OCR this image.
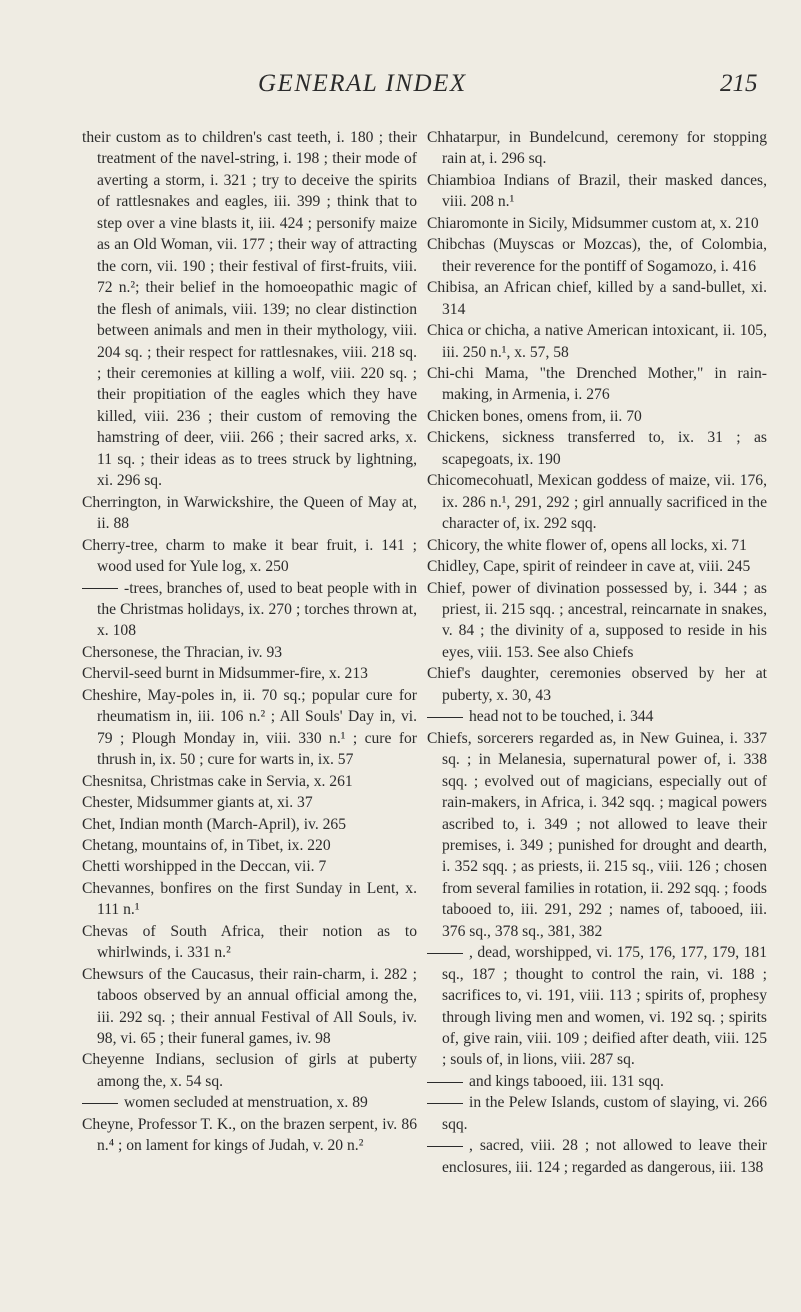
GENERAL INDEX	215

their custom as to children's cast teeth, i. 180 ; their treatment of the navel-string, i. 198 ; their mode of averting a storm, i. 321 ; try to deceive the spirits of rattlesnakes and eagles, iii. 399 ; think that to step over a vine blasts it, iii. 424 ; personify maize as an Old Woman, vii. 177 ; their way of attracting the corn, vii. 190 ; their festival of first-fruits, viii. 72 n.²; their belief in the homoeopathic magic of the flesh of animals, viii. 139; no clear distinction between animals and men in their mythology, viii. 204 sq. ; their respect for rattlesnakes, viii. 218 sq. ; their ceremonies at killing a wolf, viii. 220 sq. ; their propitiation of the eagles which they have killed, viii. 236 ; their custom of removing the hamstring of deer, viii. 266 ; their sacred arks, x. 11 sq. ; their ideas as to trees struck by lightning, xi. 296 sq.

Cherrington, in Warwickshire, the Queen of May at, ii. 88

Cherry-tree, charm to make it bear fruit, i. 141 ; wood used for Yule log, x. 250

-trees, branches of, used to beat people with in the Christmas holidays, ix. 270 ; torches thrown at, x. 108

Chersonese, the Thracian, iv. 93

Chervil-seed burnt in Midsummer-fire, x. 213

Cheshire, May-poles in, ii. 70 sq.; popular cure for rheumatism in, iii. 106 n.² ; All Souls' Day in, vi. 79 ; Plough Monday in, viii. 330 n.¹ ; cure for thrush in, ix. 50 ; cure for warts in, ix. 57

Chesnitsa, Christmas cake in Servia, x. 261

Chester, Midsummer giants at, xi. 37

Chet, Indian month (March-April), iv. 265

Chetang, mountains of, in Tibet, ix. 220

Chetti worshipped in the Deccan, vii. 7

Chevannes, bonfires on the first Sunday in Lent, x. 111 n.¹

Chevas of South Africa, their notion as to whirlwinds, i. 331 n.²

Chewsurs of the Caucasus, their rain-charm, i. 282 ; taboos observed by an annual official among the, iii. 292 sq. ; their annual Festival of All Souls, iv. 98, vi. 65 ; their funeral games, iv. 98

Cheyenne Indians, seclusion of girls at puberty among the, x. 54 sq.

women secluded at menstruation, x. 89

Cheyne, Professor T. K., on the brazen serpent, iv. 86 n.⁴ ; on lament for kings of Judah, v. 20 n.²

Chhatarpur, in Bundelcund, ceremony for stopping rain at, i. 296 sq.

Chiambioa Indians of Brazil, their masked dances, viii. 208 n.¹

Chiaromonte in Sicily, Midsummer custom at, x. 210

Chibchas (Muyscas or Mozcas), the, of Colombia, their reverence for the pontiff of Sogamozo, i. 416

Chibisa, an African chief, killed by a sand-bullet, xi. 314

Chica or chicha, a native American intoxicant, ii. 105, iii. 250 n.¹, x. 57, 58

Chi-chi Mama, "the Drenched Mother," in rain-making, in Armenia, i. 276

Chicken bones, omens from, ii. 70

Chickens, sickness transferred to, ix. 31 ; as scapegoats, ix. 190

Chicomecohuatl, Mexican goddess of maize, vii. 176, ix. 286 n.¹, 291, 292 ; girl annually sacrificed in the character of, ix. 292 sqq.

Chicory, the white flower of, opens all locks, xi. 71

Chidley, Cape, spirit of reindeer in cave at, viii. 245

Chief, power of divination possessed by, i. 344 ; as priest, ii. 215 sqq. ; ancestral, reincarnate in snakes, v. 84 ; the divinity of a, supposed to reside in his eyes, viii. 153. See also Chiefs

Chief's daughter, ceremonies observed by her at puberty, x. 30, 43

head not to be touched, i. 344

Chiefs, sorcerers regarded as, in New Guinea, i. 337 sq. ; in Melanesia, supernatural power of, i. 338 sqq. ; evolved out of magicians, especially out of rain-makers, in Africa, i. 342 sqq. ; magical powers ascribed to, i. 349 ; not allowed to leave their premises, i. 349 ; punished for drought and dearth, i. 352 sqq. ; as priests, ii. 215 sq., viii. 126 ; chosen from several families in rotation, ii. 292 sqq. ; foods tabooed to, iii. 291, 292 ; names of, tabooed, iii. 376 sq., 378 sq., 381, 382

, dead, worshipped, vi. 175, 176, 177, 179, 181 sq., 187 ; thought to control the rain, vi. 188 ; sacrifices to, vi. 191, viii. 113 ; spirits of, prophesy through living men and women, vi. 192 sq. ; spirits of, give rain, viii. 109 ; deified after death, viii. 125 ; souls of, in lions, viii. 287 sq.

and kings tabooed, iii. 131 sqq.

in the Pelew Islands, custom of slaying, vi. 266 sqq.

, sacred, viii. 28 ; not allowed to leave their enclosures, iii. 124 ; regarded as dangerous, iii. 138
